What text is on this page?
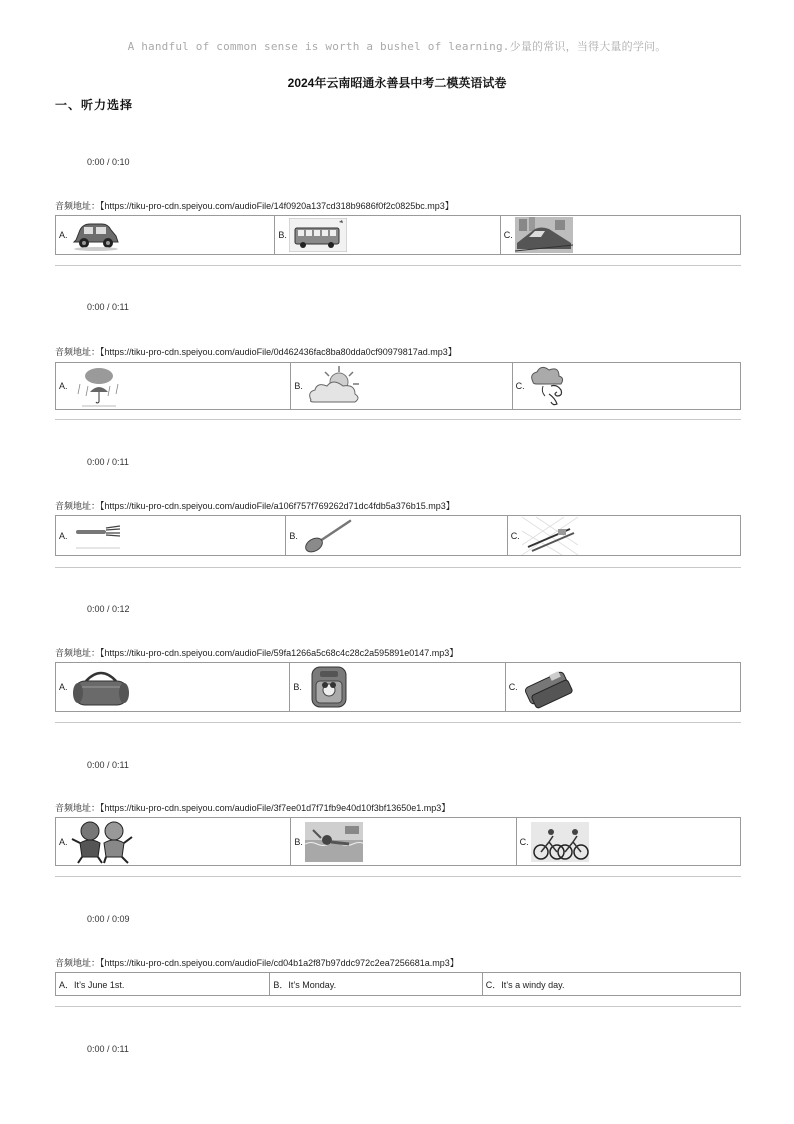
A handful of common sense is worth a bushel of learning.少量的常识，当得大量的学问。
2024年云南昭通永善县中考二模英语试卷
一、听力选择
0:00 / 0:10
音频地址：【https://tiku-pro-cdn.speiyou.com/audioFile/14f0920a137cd318b9686f0f2c0825bc.mp3】
A.	B.	C.
0:00 / 0:11
音频地址：【https://tiku-pro-cdn.speiyou.com/audioFile/0d462436fac8ba80dda0cf90979817ad.mp3】
A.	B.	C.
0:00 / 0:11
音频地址：【https://tiku-pro-cdn.speiyou.com/audioFile/a106f757f769262d71dc4fdb5a376b15.mp3】
A.	B.	C.
0:00 / 0:12
音频地址：【https://tiku-pro-cdn.speiyou.com/audioFile/59fa1266a5c68c4c28c2a595891e0147.mp3】
A.	B.	C.
0:00 / 0:11
音频地址：【https://tiku-pro-cdn.speiyou.com/audioFile/3f7ee01d7f71fb9e40d10f3bf13650e1.mp3】
A.	B.	C.
0:00 / 0:09
音频地址：【https://tiku-pro-cdn.speiyou.com/audioFile/cd04b1a2f87b97ddc972c2ea7256681a.mp3】
A．It’s June 1st.	B．It’s Monday.	C．It’s a windy day.
0:00 / 0:11
